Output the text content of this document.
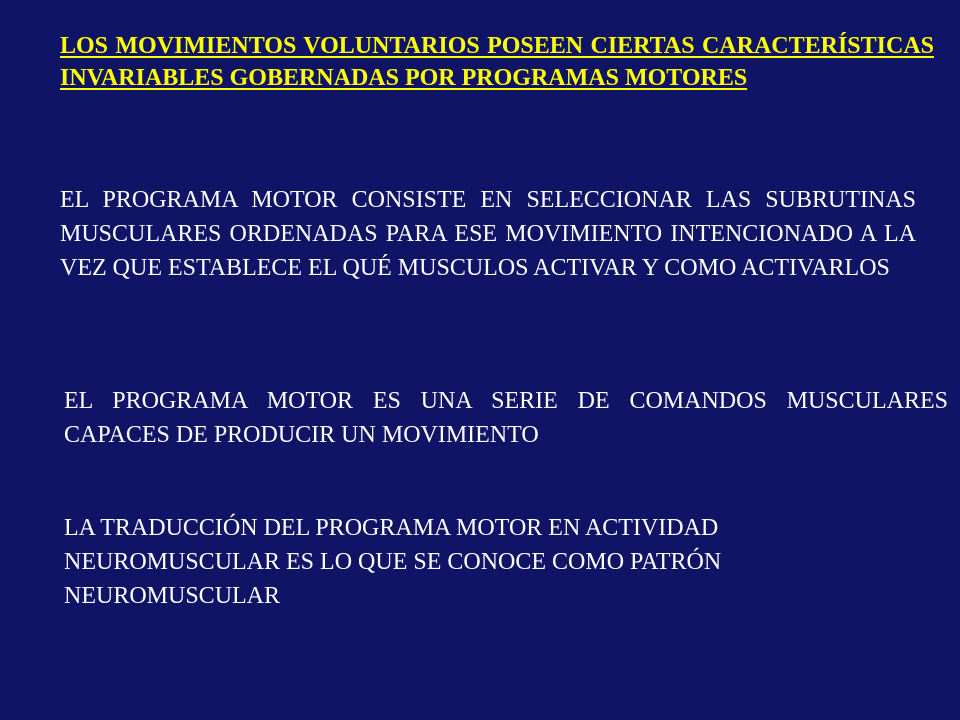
LOS MOVIMIENTOS VOLUNTARIOS POSEEN CIERTAS CARACTERÍSTICAS INVARIABLES GOBERNADAS POR PROGRAMAS MOTORES

EL PROGRAMA MOTOR CONSISTE EN SELECCIONAR LAS SUBRUTINAS MUSCULARES ORDENADAS PARA ESE MOVIMIENTO INTENCIONADO A LA VEZ QUE ESTABLECE EL QUÉ MUSCULOS ACTIVAR Y COMO ACTIVARLOS

EL PROGRAMA MOTOR ES UNA SERIE DE COMANDOS MUSCULARES CAPACES DE PRODUCIR UN MOVIMIENTO

LA TRADUCCIÓN DEL PROGRAMA MOTOR EN ACTIVIDAD NEUROMUSCULAR ES LO QUE SE CONOCE COMO PATRÓN NEUROMUSCULAR
